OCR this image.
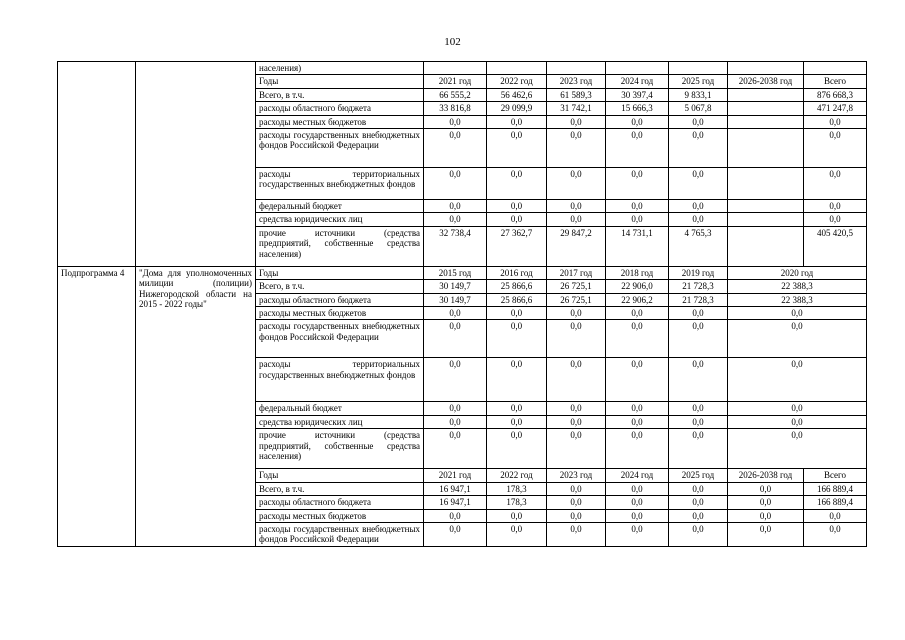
102
		населения)								
		Годы	2021 год	2022 год	2023 год	2024 год	2025 год	2026-2038 год	Всего	
		Всего, в т.ч.	66 555,2	56 462,6	61 589,3	30 397,4	9 833,1		876 668,3	
		расходы областного бюджета	33 816,8	29 099,9	31 742,1	15 666,3	5 067,8		471 247,8	
		расходы местных бюджетов	0,0	0,0	0,0	0,0	0,0		0,0	
		расходы государственных внебюджетных фондов Российской Федерации	0,0	0,0	0,0	0,0	0,0		0,0	
		расходы территориальных государственных внебюджетных фондов	0,0	0,0	0,0	0,0	0,0		0,0	
		федеральный бюджет	0,0	0,0	0,0	0,0	0,0		0,0	
		средства юридических лиц	0,0	0,0	0,0	0,0	0,0		0,0	
		прочие источники (средства предприятий, собственные средства населения)	32 738,4	27 362,7	29 847,2	14 731,1	4 765,3		405 420,5	
Подпрограмма 4	"Дома для уполномоченных милиции (полиции) Нижегородской области на 2015 - 2022 годы"	Годы	2015 год	2016 год	2017 год	2018 год	2019 год	2020 год		
		Всего, в т.ч.	30 149,7	25 866,6	26 725,1	22 906,0	21 728,3	22 388,3		
		расходы областного бюджета	30 149,7	25 866,6	26 725,1	22 906,2	21 728,3	22 388,3		
		расходы местных бюджетов	0,0	0,0	0,0	0,0	0,0	0,0		
		расходы государственных внебюджетных фондов Российской Федерации	0,0	0,0	0,0	0,0	0,0	0,0		
		расходы территориальных государственных внебюджетных фондов	0,0	0,0	0,0	0,0	0,0	0,0		
		федеральный бюджет	0,0	0,0	0,0	0,0	0,0	0,0		
		средства юридических лиц	0,0	0,0	0,0	0,0	0,0	0,0		
		прочие источники (средства предприятий, собственные средства населения)	0,0	0,0	0,0	0,0	0,0	0,0		
		Годы	2021 год	2022 год	2023 год	2024 год	2025 год	2026-2038 год	Всего	
		Всего, в т.ч.	16 947,1	178,3	0,0	0,0	0,0	0,0	166 889,4	
		расходы областного бюджета	16 947,1	178,3	0,0	0,0	0,0	0,0	166 889,4	
		расходы местных бюджетов	0,0	0,0	0,0	0,0	0,0	0,0	0,0	
		расходы государственных внебюджетных фондов Российской Федерации	0,0	0,0	0,0	0,0	0,0	0,0	0,0	
